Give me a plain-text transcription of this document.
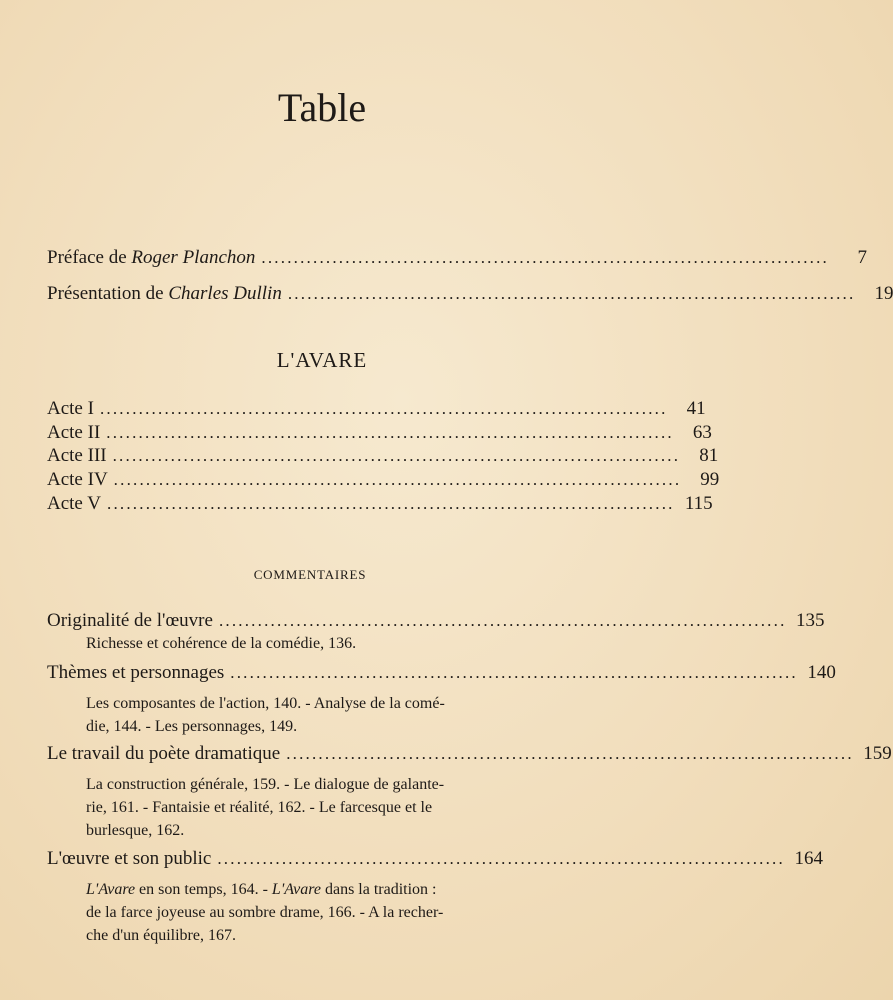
Table
Préface de Roger Planchon ........................................................................................	7
Présentation de Charles Dullin ........................................................................................	19
L'AVARE
Acte I ........................................................................................	41
Acte II ........................................................................................	63
Acte III ........................................................................................	81
Acte IV ........................................................................................	99
Acte V ........................................................................................ 115
COMMENTAIRES
Originalité de l'œuvre ........................................................................................ 135
Richesse et cohérence de la comédie, 136.
Thèmes et personnages ........................................................................................ 140
Les composantes de l'action, 140. - Analyse de la comé-
die, 144. - Les personnages, 149.
Le travail du poète dramatique ........................................................................................ 159
La construction générale, 159. - Le dialogue de galante-
rie, 161. - Fantaisie et réalité, 162. - Le farcesque et le
burlesque, 162.
L'œuvre et son public ........................................................................................ 164
L'Avare en son temps, 164. - L'Avare dans la tradition :
de la farce joyeuse au sombre drame, 166. - A la recher-
che d'un équilibre, 167.
